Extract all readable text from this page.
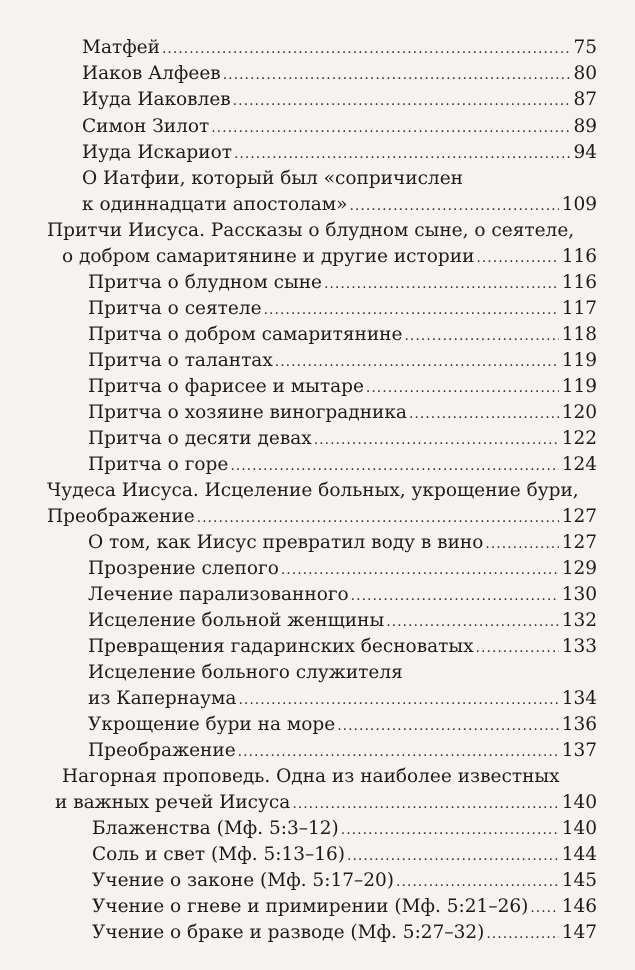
Матфей .....	75
Иаков Алфеев .....	80
Иуда Иаковлев .....	87
Симон Зилот .....	89
Иуда Искариот .....	94
О Иатфии, который был «сопричислен
к одиннадцати апостолам» .....	109
Притчи Иисуса. Рассказы о блудном сыне, о сеятеле,
о добром самаритянине и другие истории .....	116
Притча о блудном сыне .....	116
Притча о сеятеле .....	117
Притча о добром самаритянине .....	118
Притча о талантах .....	119
Притча о фарисее и мытаре .....	119
Притча о хозяине виноградника .....	120
Притча о десяти девах .....	122
Притча о горе .....	124
Чудеса Иисуса. Исцеление больных, укрощение бури,
Преображение .....	127
О том, как Иисус превратил воду в вино .....	127
Прозрение слепого .....	129
Лечение парализованного .....	130
Исцеление больной женщины .....	132
Превращения гадаринских бесноватых .....	133
Исцеление больного служителя
из Капернаума .....	134
Укрощение бури на море .....	136
Преображение .....	137
Нагорная проповедь. Одна из наиболее известных
и важных речей Иисуса .....	140
Блаженства (Мф. 5:3–12) .....	140
Соль и свет (Мф. 5:13–16) .....	144
Учение о законе (Мф. 5:17–20) .....	145
Учение о гневе и примирении (Мф. 5:21–26) ..... 146
Учение о браке и разводе (Мф. 5:27–32) .....	147
